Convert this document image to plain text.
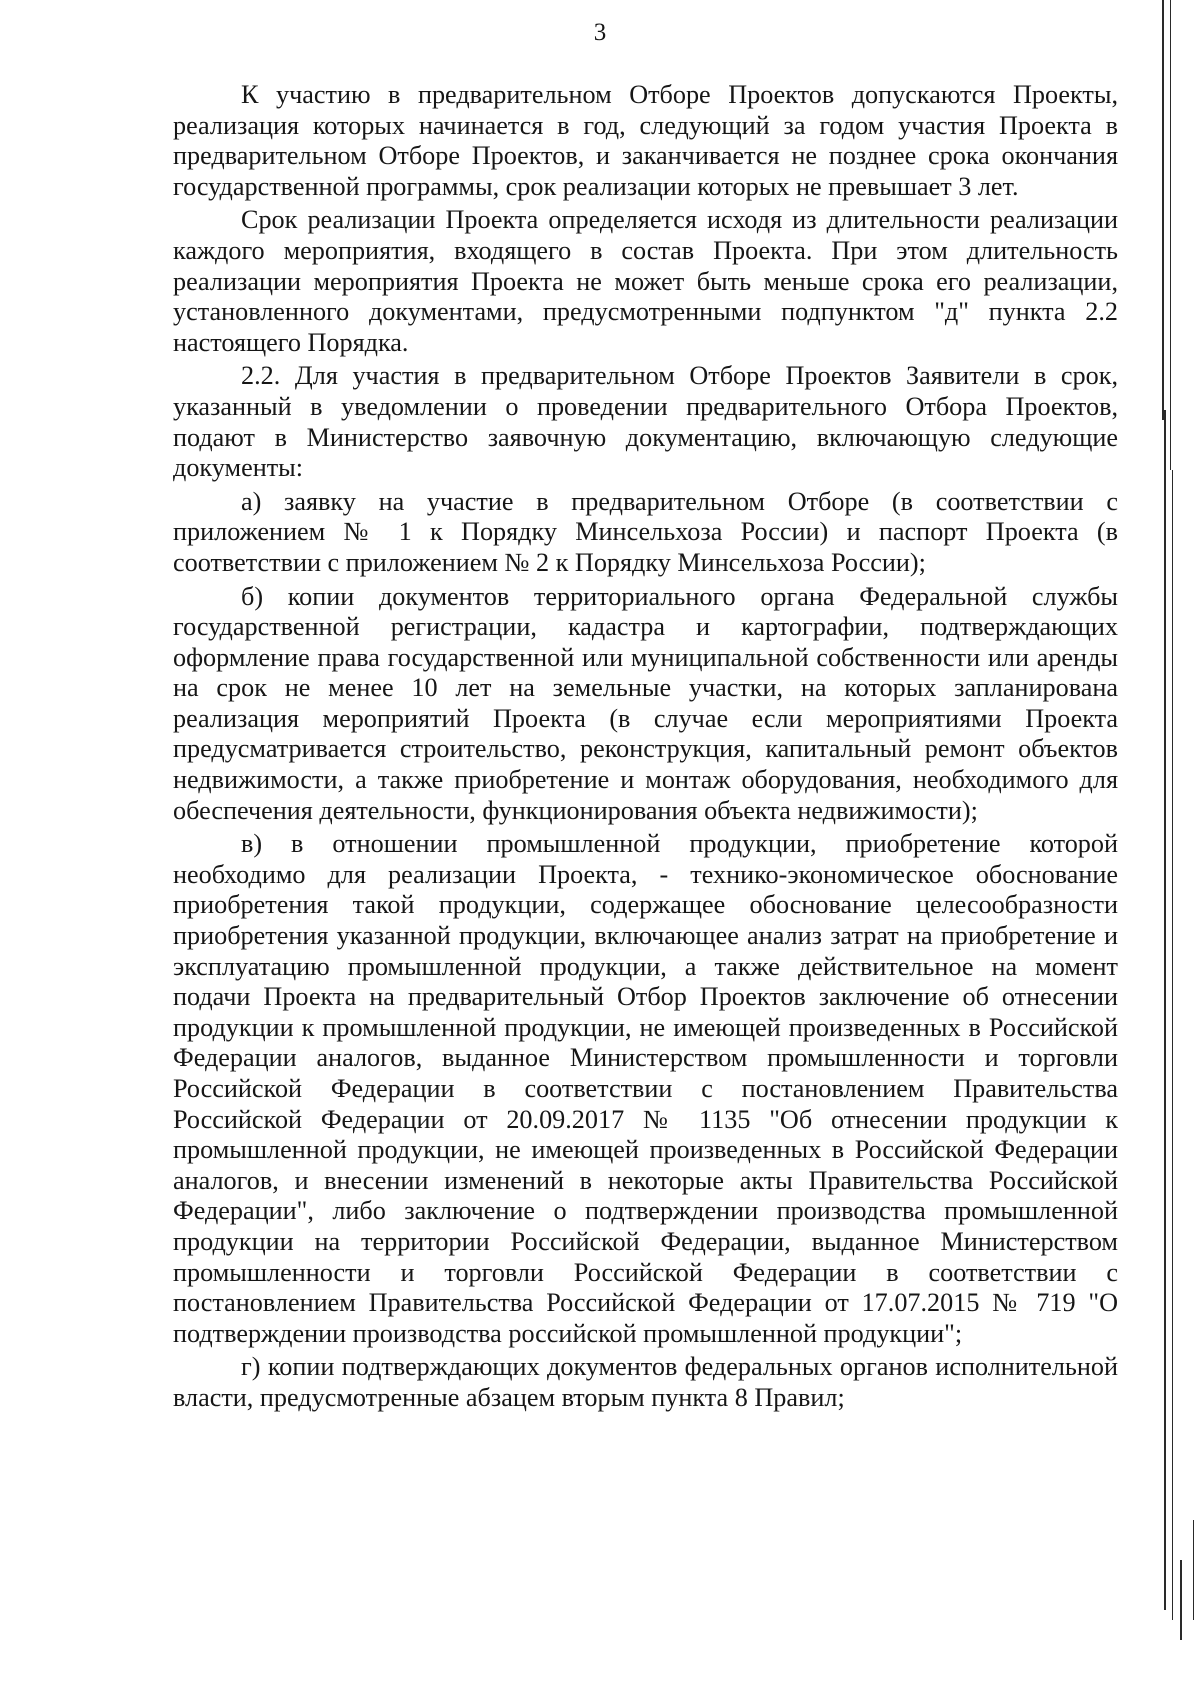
3

К участию в предварительном Отборе Проектов допускаются Проекты, реализация которых начинается в год, следующий за годом участия Проекта в предварительном Отборе Проектов, и заканчивается не позднее срока окончания государственной программы, срок реализации которых не превышает 3 лет.

Срок реализации Проекта определяется исходя из длительности реализации каждого мероприятия, входящего в состав Проекта. При этом длительность реализации мероприятия Проекта не может быть меньше срока его реализации, установленного документами, предусмотренными подпунктом "д" пункта 2.2 настоящего Порядка.

2.2. Для участия в предварительном Отборе Проектов Заявители в срок, указанный в уведомлении о проведении предварительного Отбора Проектов, подают в Министерство заявочную документацию, включающую следующие документы:

а) заявку на участие в предварительном Отборе (в соответствии с приложением № 1 к Порядку Минсельхоза России) и паспорт Проекта (в соответствии с приложением № 2 к Порядку Минсельхоза России);

б) копии документов территориального органа Федеральной службы государственной регистрации, кадастра и картографии, подтверждающих оформление права государственной или муниципальной собственности или аренды на срок не менее 10 лет на земельные участки, на которых запланирована реализация мероприятий Проекта (в случае если мероприятиями Проекта предусматривается строительство, реконструкция, капитальный ремонт объектов недвижимости, а также приобретение и монтаж оборудования, необходимого для обеспечения деятельности, функционирования объекта недвижимости);

в) в отношении промышленной продукции, приобретение которой необходимо для реализации Проекта, - технико-экономическое обоснование приобретения такой продукции, содержащее обоснование целесообразности приобретения указанной продукции, включающее анализ затрат на приобретение и эксплуатацию промышленной продукции, а также действительное на момент подачи Проекта на предварительный Отбор Проектов заключение об отнесении продукции к промышленной продукции, не имеющей произведенных в Российской Федерации аналогов, выданное Министерством промышленности и торговли Российской Федерации в соответствии с постановлением Правительства Российской Федерации от 20.09.2017 № 1135 "Об отнесении продукции к промышленной продукции, не имеющей произведенных в Российской Федерации аналогов, и внесении изменений в некоторые акты Правительства Российской Федерации", либо заключение о подтверждении производства промышленной продукции на территории Российской Федерации, выданное Министерством промышленности и торговли Российской Федерации в соответствии с постановлением Правительства Российской Федерации от 17.07.2015 № 719 "О подтверждении производства российской промышленной продукции";

г) копии подтверждающих документов федеральных органов исполнительной власти, предусмотренные абзацем вторым пункта 8 Правил;
